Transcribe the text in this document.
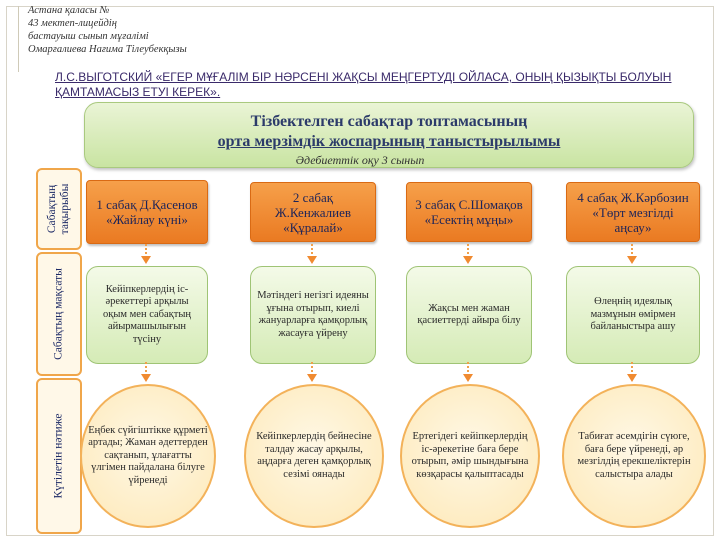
Астана қаласы №
43 мектеп-лицейдің
бастауыш сынып мұғалімі
Омарғалиева Нағима Тілеубекқызы
Л.С.ВЫГОТСКИЙ «ЕГЕР МҰҒАЛІМ БІР НӘРСЕНІ ЖАҚСЫ МЕҢГЕРТУДІ ОЙЛАСА, ОНЫҢ ҚЫЗЫҚТЫ БОЛУЫН ҚАМТАМАСЫЗ ЕТУІ КЕРЕК».
Тізбектелген сабақтар топтамасының
орта мерзімдік жоспарының таныстырылымы
Әдебиеттік оқу 3 сынып
Сабақтың тақырыбы
Сабақтың мақсаты
Күтілетін нәтиже
1 сабақ Д.Қасенов «Жайлау күні»
Кейіпкерлердің іс-әрекеттері арқылы оқым мен сабақтың айырмашылығын түсіну
Еңбек сүйгіштікке құрметі артады; Жаман әдеттерден сақтанып, ұлағатты үлгімен пайдалана білуге үйренеді
2 сабақ Ж.Кенжалиев «Құралай»
Мәтіндегі негізгі идеяны ұғына отырып, киелі жануарларға қамқорлық жасауға үйрену
Кейіпкерлердің бейнесіне талдау жасау арқылы, аңдарға деген қамқорлық сезімі оянады
3 сабақ С.Шомақов «Есектің мұңы»
Жақсы мен жаман қасиеттерді айыра білу
Ертегідегі кейіпкерлердің іс-әрекетіне баға бере отырып, әмір шындығына көзқарасы қалыптасады
4 сабақ Ж.Кәрбозин «Төрт мезгілді аңсау»
Өлеңнің идеялық мазмұнын өмірмен байланыстыра ашу
Табиғат әсемдігін сүюге, баға бере үйренеді, әр мезгілдің ерекшеліктерін салыстыра алады
